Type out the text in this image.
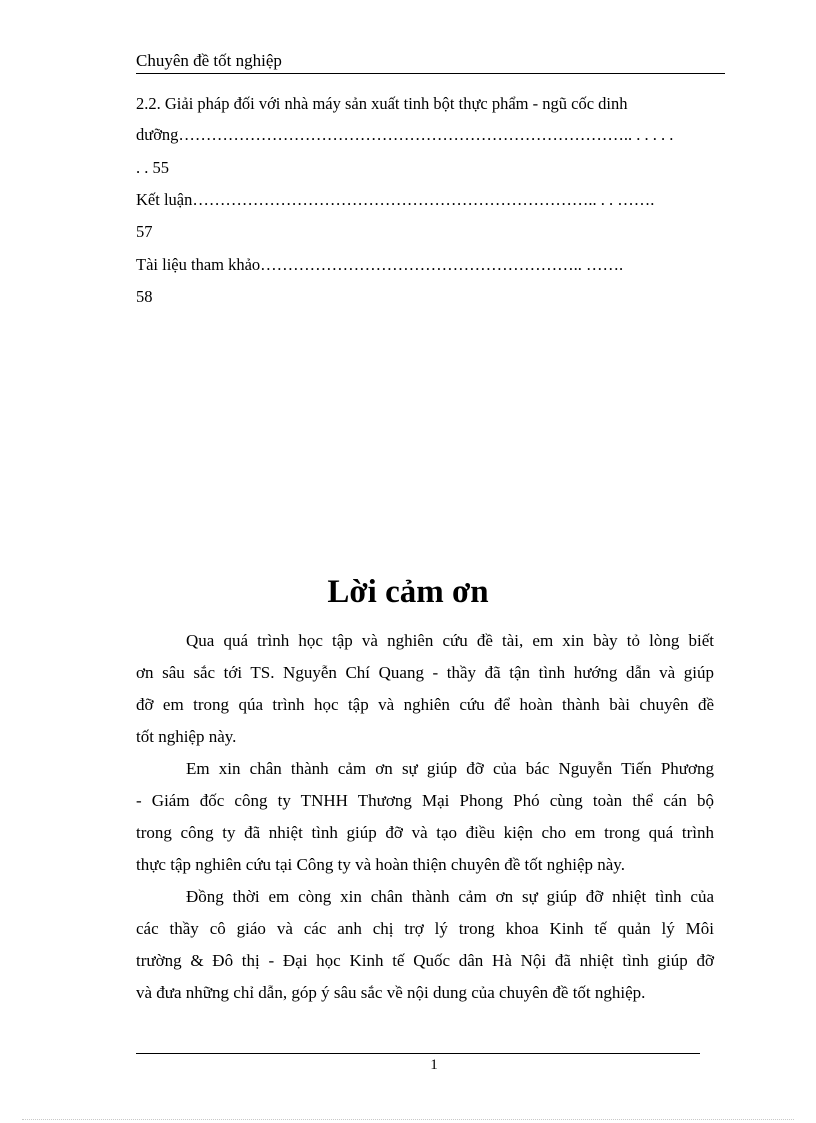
Chuyên đề tốt nghiệp
2.2. Giải pháp đối với nhà máy sản xuất tinh bột thực phẩm - ngũ cốc dinh
dưỡng……………………………………………………………………….. . . . . .
. . 55
Kết luận……………………………………………………………….. . . …….
57
Tài liệu tham khảo………………………………………………….. …….
58
Lời cảm ơn
Qua quá trình học tập và nghiên cứu đề tài, em xin bày tỏ lòng biết
ơn sâu sắc tới TS. Nguyễn Chí Quang - thầy đã tận tình hướng dẫn và giúp
đỡ em trong qúa trình học tập và nghiên cứu để hoàn thành bài chuyên đề
tốt nghiệp này.
Em xin chân thành cảm ơn sự giúp đỡ của bác Nguyễn Tiến Phương
- Giám đốc công ty TNHH Thương Mại Phong Phó cùng toàn thể cán bộ
trong công ty đã nhiệt tình giúp đỡ và tạo điều kiện cho em trong quá trình
thực tập nghiên cứu tại Công ty và hoàn thiện chuyên đề tốt nghiệp này.
Đồng thời em còng xin chân thành cảm ơn sự giúp đỡ nhiệt tình của
các thầy cô giáo và các anh chị trợ lý trong khoa Kinh tế quản lý Môi
trường & Đô thị - Đại học Kinh tế Quốc dân Hà Nội đã nhiệt tình giúp đỡ
và đưa những chỉ dẫn, góp ý sâu sắc về nội dung của chuyên đề tốt nghiệp.
1
